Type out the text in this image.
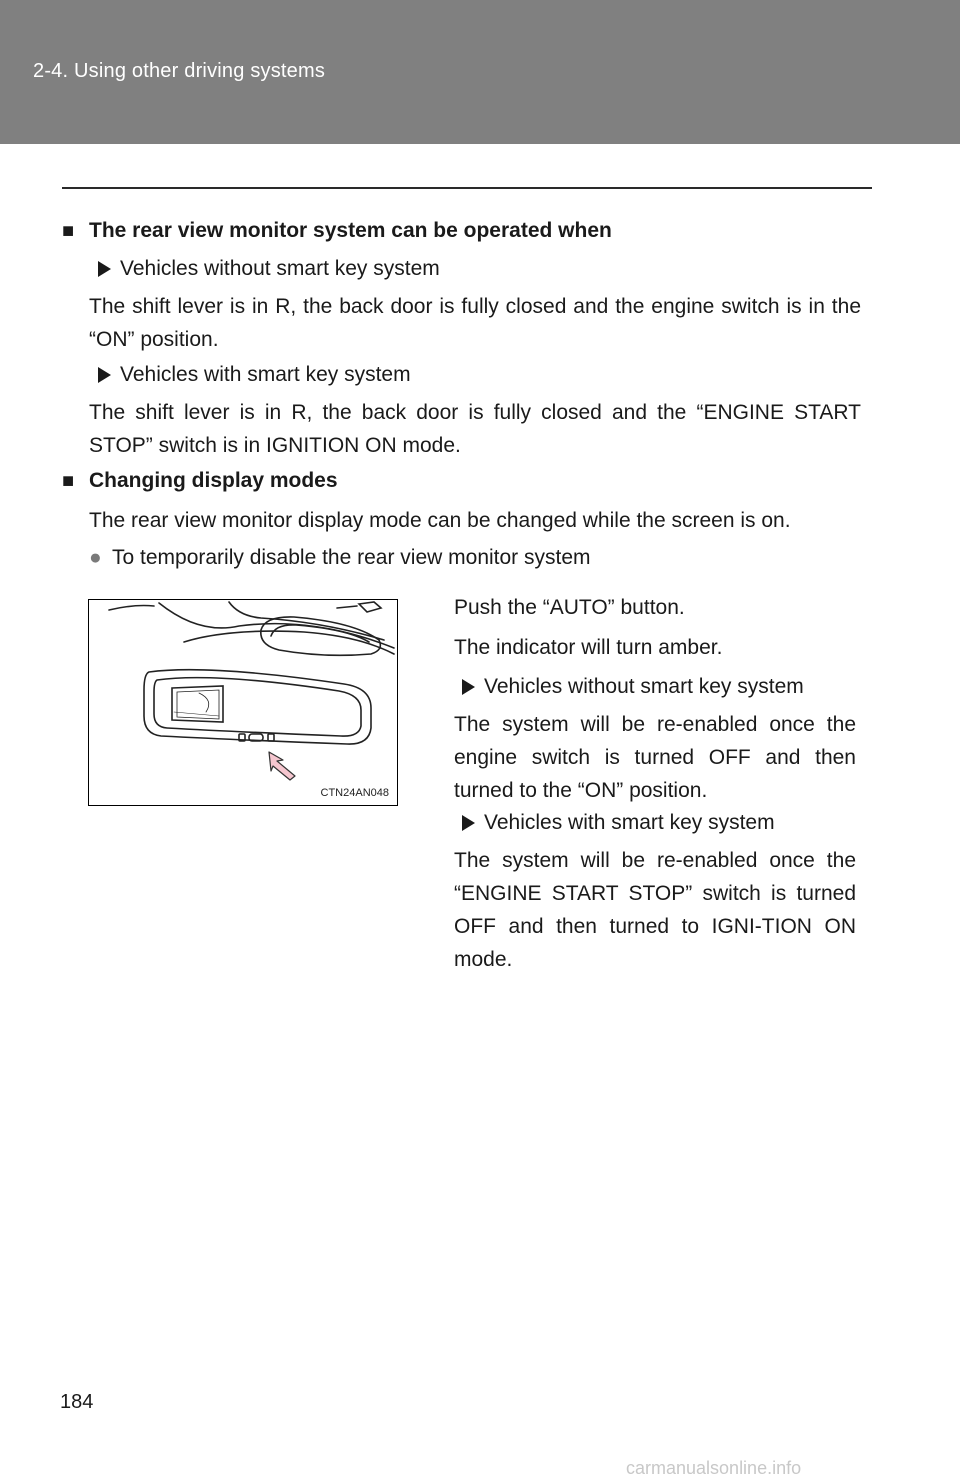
2-4. Using other driving systems
■ The rear view monitor system can be operated when
Vehicles without smart key system
The shift lever is in R, the back door is fully closed and the engine switch is in the “ON” position.
Vehicles with smart key system
The shift lever is in R, the back door is fully closed and the “ENGINE START STOP” switch is in IGNITION ON mode.
■ Changing display modes
The rear view monitor display mode can be changed while the screen is on.
● To temporarily disable the rear view monitor system
CTN24AN048
Push the “AUTO” button.
The indicator will turn amber.
Vehicles without smart key system
The system will be re-enabled once the engine switch is turned OFF and then turned to the “ON” position.
Vehicles with smart key system
The system will be re-enabled once the “ENGINE START STOP” switch is turned OFF and then turned to IGNI-TION ON mode.
184
carmanualsonline.info
